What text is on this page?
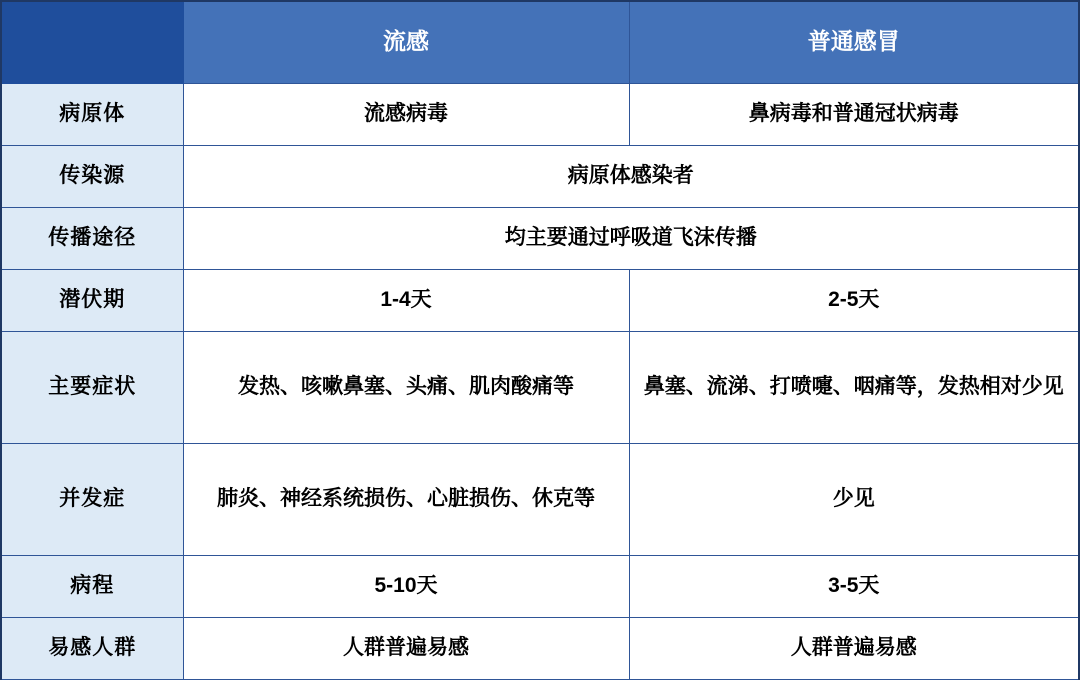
	流感	普通感冒
病原体	流感病毒	鼻病毒和普通冠状病毒
传染源	病原体感染者	
传播途径	均主要通过呼吸道飞沫传播	
潜伏期	1-4天	2-5天
主要症状	发热、咳嗽鼻塞、头痛、肌肉酸痛等	鼻塞、流涕、打喷嚏、咽痛等，发热相对少见
并发症	肺炎、神经系统损伤、心脏损伤、休克等	少见
病程	5-10天	3-5天
易感人群	人群普遍易感	人群普遍易感
